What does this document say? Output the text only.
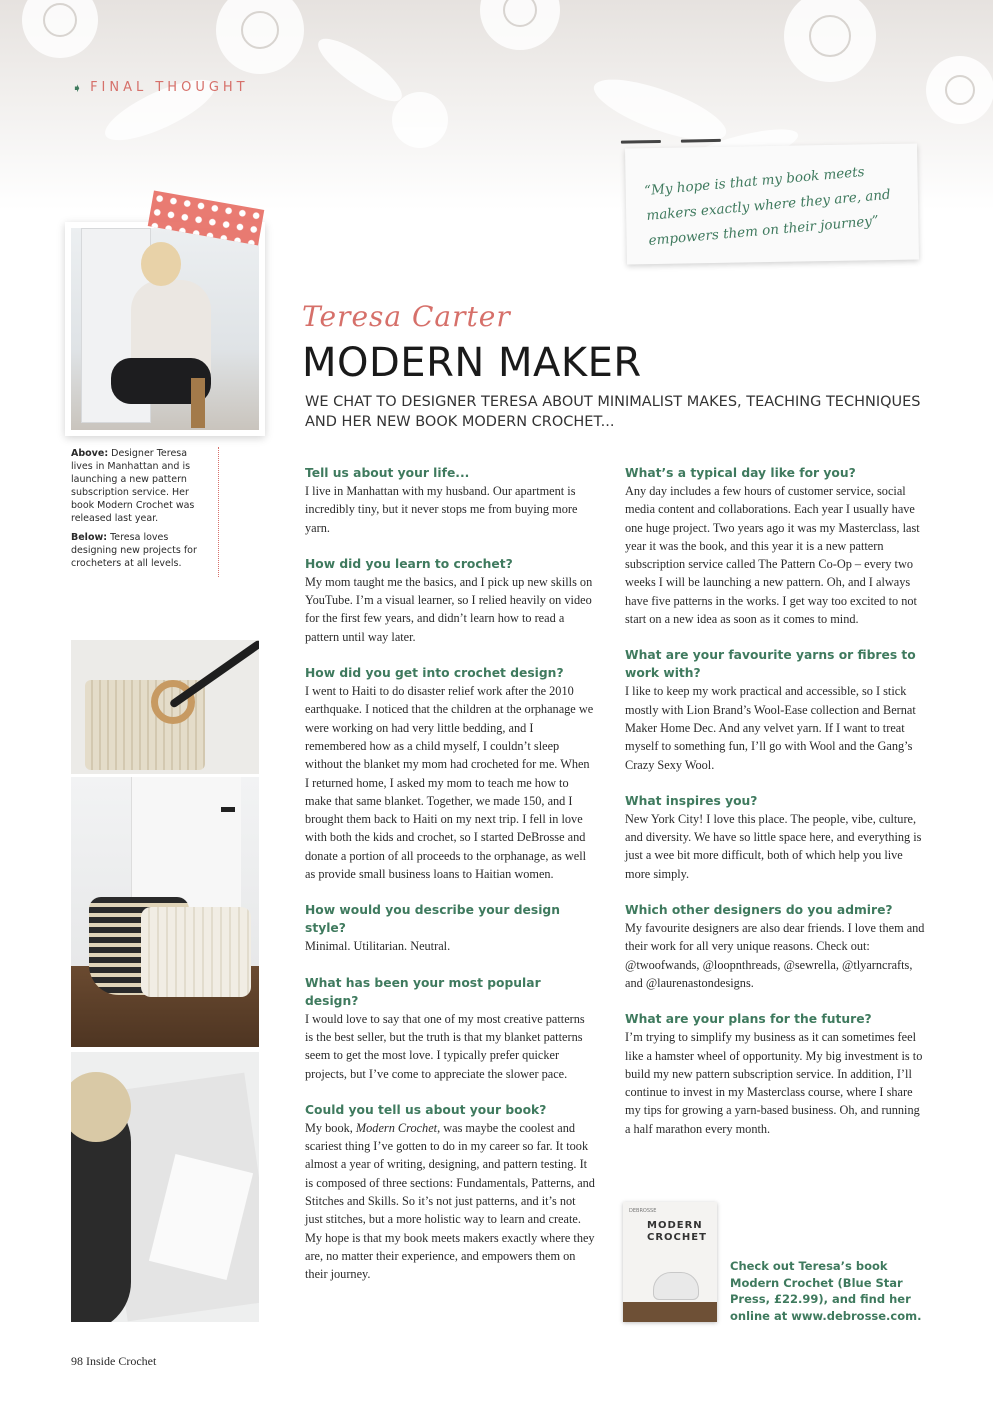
➧ FINAL THOUGHT

“My hope is that my book meets makers exactly where they are, and empowers them on their journey”

Above: Designer Teresa lives in Manhattan and is launching a new pattern subscription service. Her book Modern Crochet was released last year.

Below: Teresa loves designing new projects for crocheters at all levels.

Teresa Carter
MODERN MAKER

WE CHAT TO DESIGNER TERESA ABOUT MINIMALIST MAKES, TEACHING TECHNIQUES AND HER NEW BOOK MODERN CROCHET...

Tell us about your life...
I live in Manhattan with my husband. Our apartment is incredibly tiny, but it never stops me from buying more yarn.
How did you learn to crochet?
My mom taught me the basics, and I pick up new skills on YouTube. I’m a visual learner, so I relied heavily on video for the first few years, and didn’t learn how to read a pattern until way later.
How did you get into crochet design?
I went to Haiti to do disaster relief work after the 2010 earthquake. I noticed that the children at the orphanage we were working on had very little bedding, and I remembered how as a child myself, I couldn’t sleep without the blanket my mom had crocheted for me. When I returned home, I asked my mom to teach me how to make that same blanket. Together, we made 150, and I brought them back to Haiti on my next trip. I fell in love with both the kids and crochet, so I started DeBrosse and donate a portion of all proceeds to the orphanage, as well as provide small business loans to Haitian women.
How would you describe your design style?
Minimal. Utilitarian. Neutral.
What has been your most popular design?
I would love to say that one of my most creative patterns is the best seller, but the truth is that my blanket patterns seem to get the most love. I typically prefer quicker projects, but I’ve come to appreciate the slower pace.
Could you tell us about your book?
My book, Modern Crochet, was maybe the coolest and scariest thing I’ve gotten to do in my career so far. It took almost a year of writing, designing, and pattern testing. It is composed of three sections: Fundamentals, Patterns, and Stitches and Skills. So it’s not just patterns, and it’s not just stitches, but a more holistic way to learn and create. My hope is that my book meets makers exactly where they are, no matter their experience, and empowers them on their journey.
What’s a typical day like for you?
Any day includes a few hours of customer service, social media content and collaborations. Each year I usually have one huge project. Two years ago it was my Masterclass, last year it was the book, and this year it is a new pattern subscription service called The Pattern Co-Op – every two weeks I will be launching a new pattern. Oh, and I always have five patterns in the works. I get way too excited to not start on a new idea as soon as it comes to mind.
What are your favourite yarns or fibres to work with?
I like to keep my work practical and accessible, so I stick mostly with Lion Brand’s Wool-Ease collection and Bernat Maker Home Dec. And any velvet yarn. If I want to treat myself to something fun, I’ll go with Wool and the Gang’s Crazy Sexy Wool.
What inspires you?
New York City! I love this place. The people, vibe, culture, and diversity. We have so little space here, and everything is just a wee bit more difficult, both of which help you live more simply.
Which other designers do you admire?
My favourite designers are also dear friends. I love them and their work for all very unique reasons. Check out: @twoofwands, @loopnthreads, @sewrella, @tlyarncrafts, and @laurenastondesigns.
What are your plans for the future?
I’m trying to simplify my business as it can sometimes feel like a hamster wheel of opportunity. My big investment is to build my new pattern subscription service. In addition, I’ll continue to invest in my Masterclass course, where I share my tips for growing a yarn-based business. Oh, and running a half marathon every month.
DEBROSSE
MODERN
CROCHET

Check out Teresa’s book Modern Crochet (Blue Star Press, £22.99), and find her online at www.debrosse.com.

98 Inside Crochet
